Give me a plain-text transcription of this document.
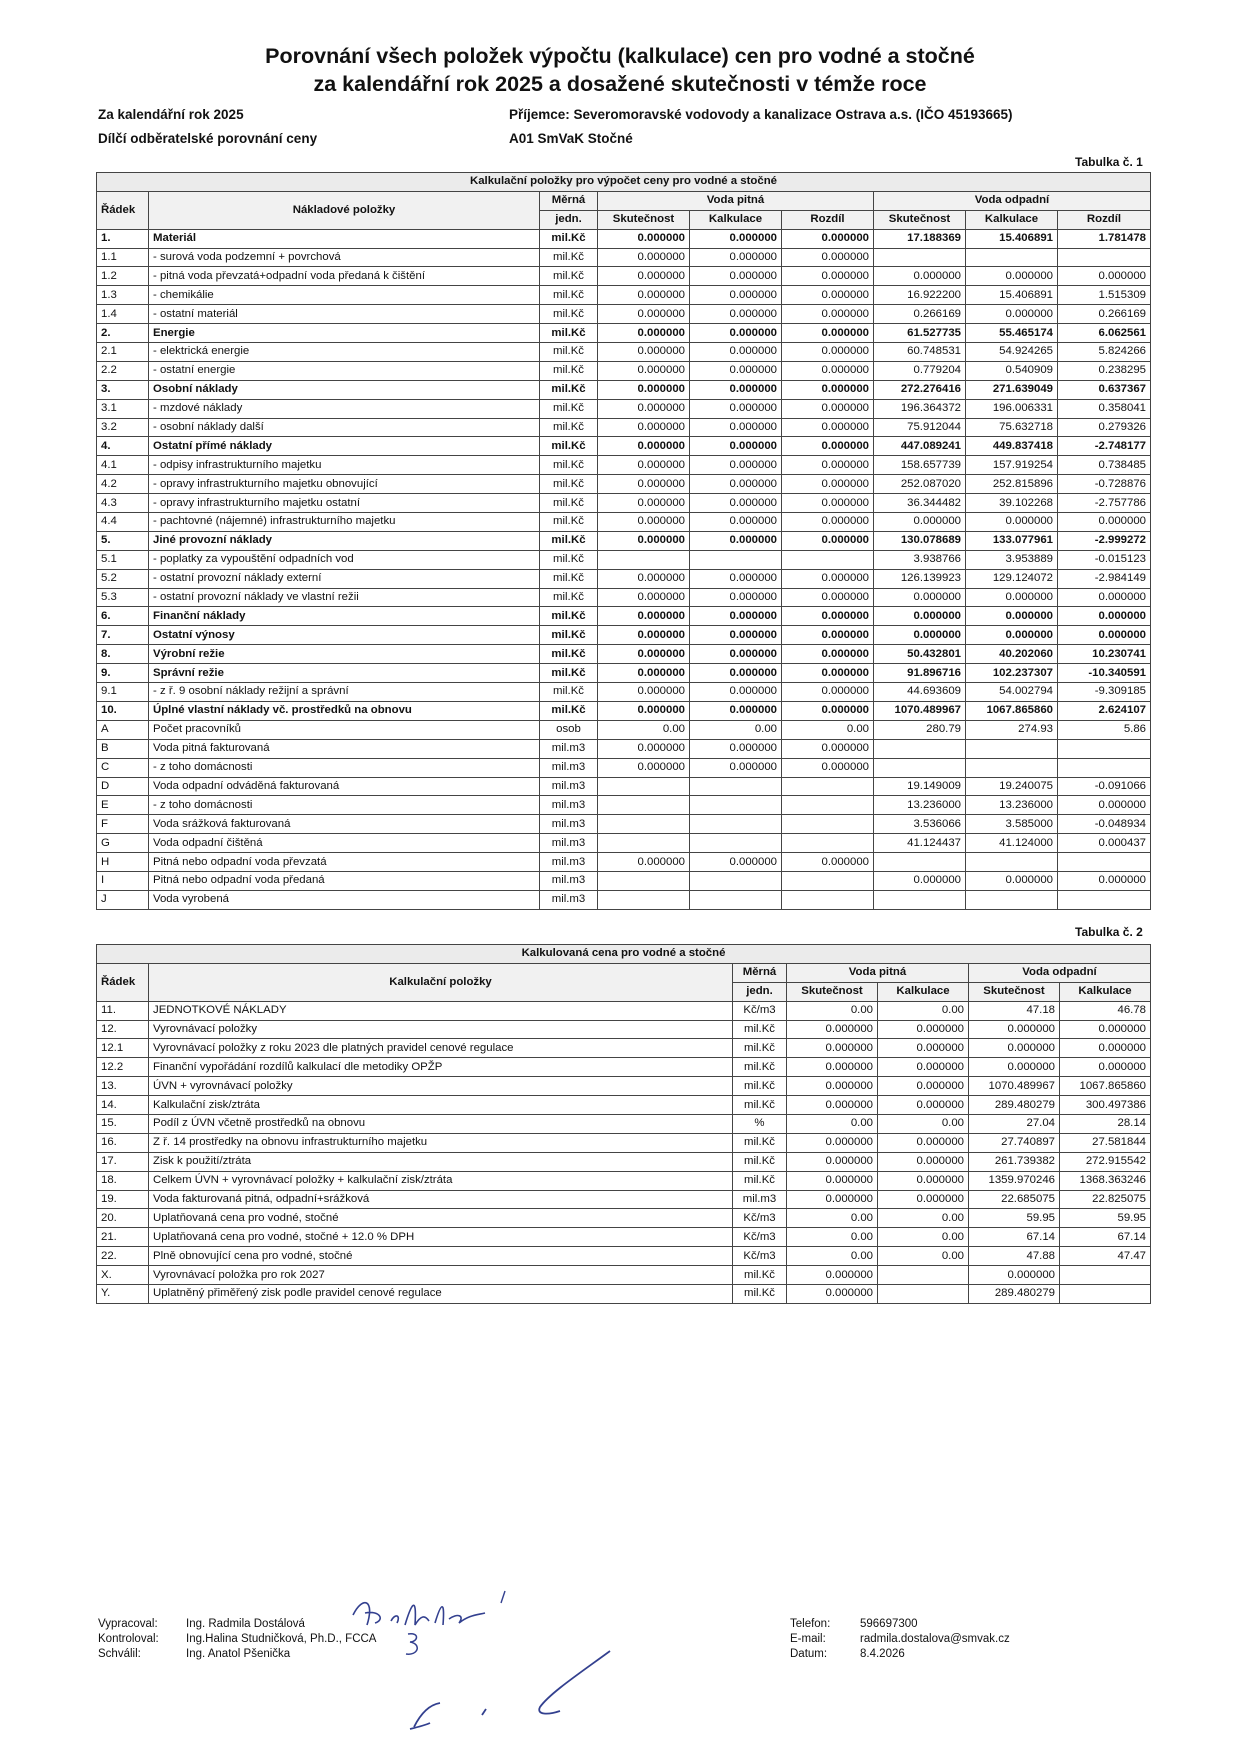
Porovnání všech položek výpočtu (kalkulace) cen pro vodné a stočné
za kalendářní rok 2025 a dosažené skutečnosti v témže roce
Za kalendářní rok 2025
Dílčí odběratelské porovnání ceny
Příjemce: Severomoravské vodovody a kanalizace Ostrava a.s. (IČO 45193665)
A01 SmVaK Stočné
Tabulka č. 1
Kalkulační položky pro výpočet ceny pro vodné a stočné								
Řádek	Nákladové položky	Měrná	Voda pitná			Voda odpadní		
		jedn.	Skutečnost	Kalkulace	Rozdíl	Skutečnost	Kalkulace	Rozdíl
1.	Materiál	mil.Kč	0.000000	0.000000	0.000000	17.188369	15.406891	1.781478
1.1	- surová voda podzemní + povrchová	mil.Kč	0.000000	0.000000	0.000000			
1.2	- pitná voda převzatá+odpadní voda předaná k čištění	mil.Kč	0.000000	0.000000	0.000000	0.000000	0.000000	0.000000
1.3	- chemikálie	mil.Kč	0.000000	0.000000	0.000000	16.922200	15.406891	1.515309
1.4	- ostatní materiál	mil.Kč	0.000000	0.000000	0.000000	0.266169	0.000000	0.266169
2.	Energie	mil.Kč	0.000000	0.000000	0.000000	61.527735	55.465174	6.062561
2.1	- elektrická energie	mil.Kč	0.000000	0.000000	0.000000	60.748531	54.924265	5.824266
2.2	- ostatní energie	mil.Kč	0.000000	0.000000	0.000000	0.779204	0.540909	0.238295
3.	Osobní náklady	mil.Kč	0.000000	0.000000	0.000000	272.276416	271.639049	0.637367
3.1	- mzdové náklady	mil.Kč	0.000000	0.000000	0.000000	196.364372	196.006331	0.358041
3.2	- osobní náklady další	mil.Kč	0.000000	0.000000	0.000000	75.912044	75.632718	0.279326
4.	Ostatní přímé náklady	mil.Kč	0.000000	0.000000	0.000000	447.089241	449.837418	-2.748177
4.1	- odpisy infrastrukturního majetku	mil.Kč	0.000000	0.000000	0.000000	158.657739	157.919254	0.738485
4.2	- opravy infrastrukturního majetku obnovující	mil.Kč	0.000000	0.000000	0.000000	252.087020	252.815896	-0.728876
4.3	- opravy infrastrukturního majetku ostatní	mil.Kč	0.000000	0.000000	0.000000	36.344482	39.102268	-2.757786
4.4	- pachtovné (nájemné) infrastrukturního majetku	mil.Kč	0.000000	0.000000	0.000000	0.000000	0.000000	0.000000
5.	Jiné provozní náklady	mil.Kč	0.000000	0.000000	0.000000	130.078689	133.077961	-2.999272
5.1	- poplatky za vypouštění odpadních vod	mil.Kč				3.938766	3.953889	-0.015123
5.2	- ostatní provozní náklady externí	mil.Kč	0.000000	0.000000	0.000000	126.139923	129.124072	-2.984149
5.3	- ostatní provozní náklady ve vlastní režii	mil.Kč	0.000000	0.000000	0.000000	0.000000	0.000000	0.000000
6.	Finanční náklady	mil.Kč	0.000000	0.000000	0.000000	0.000000	0.000000	0.000000
7.	Ostatní výnosy	mil.Kč	0.000000	0.000000	0.000000	0.000000	0.000000	0.000000
8.	Výrobní režie	mil.Kč	0.000000	0.000000	0.000000	50.432801	40.202060	10.230741
9.	Správní režie	mil.Kč	0.000000	0.000000	0.000000	91.896716	102.237307	-10.340591
9.1	- z ř. 9 osobní náklady režijní a správní	mil.Kč	0.000000	0.000000	0.000000	44.693609	54.002794	-9.309185
10.	Úplné vlastní náklady vč. prostředků na obnovu	mil.Kč	0.000000	0.000000	0.000000	1070.489967	1067.865860	2.624107
A	Počet pracovníků	osob	0.00	0.00	0.00	280.79	274.93	5.86
B	Voda pitná fakturovaná	mil.m3	0.000000	0.000000	0.000000			
C	- z toho domácnosti	mil.m3	0.000000	0.000000	0.000000			
D	Voda odpadní odváděná fakturovaná	mil.m3				19.149009	19.240075	-0.091066
E	- z toho domácnosti	mil.m3				13.236000	13.236000	0.000000
F	Voda srážková fakturovaná	mil.m3				3.536066	3.585000	-0.048934
G	Voda odpadní čištěná	mil.m3				41.124437	41.124000	0.000437
H	Pitná nebo odpadní voda převzatá	mil.m3	0.000000	0.000000	0.000000			
I	Pitná nebo odpadní voda předaná	mil.m3				0.000000	0.000000	0.000000
J	Voda vyrobená	mil.m3						
Tabulka č. 2
Kalkulovaná cena pro vodné a stočné						
Řádek	Kalkulační položky	Měrná	Voda pitná		Voda odpadní	
		jedn.	Skutečnost	Kalkulace	Skutečnost	Kalkulace
11.	JEDNOTKOVÉ NÁKLADY	Kč/m3	0.00	0.00	47.18	46.78
12.	Vyrovnávací položky	mil.Kč	0.000000	0.000000	0.000000	0.000000
12.1	Vyrovnávací položky z roku 2023 dle platných pravidel cenové regulace	mil.Kč	0.000000	0.000000	0.000000	0.000000
12.2	Finanční vypořádání rozdílů kalkulací dle metodiky OPŽP	mil.Kč	0.000000	0.000000	0.000000	0.000000
13.	ÚVN + vyrovnávací položky	mil.Kč	0.000000	0.000000	1070.489967	1067.865860
14.	Kalkulační zisk/ztráta	mil.Kč	0.000000	0.000000	289.480279	300.497386
15.	Podíl z ÚVN včetně prostředků na obnovu	%	0.00	0.00	27.04	28.14
16.	Z ř. 14 prostředky na obnovu infrastrukturního majetku	mil.Kč	0.000000	0.000000	27.740897	27.581844
17.	Zisk k použití/ztráta	mil.Kč	0.000000	0.000000	261.739382	272.915542
18.	Celkem ÚVN + vyrovnávací položky + kalkulační zisk/ztráta	mil.Kč	0.000000	0.000000	1359.970246	1368.363246
19.	Voda fakturovaná pitná, odpadní+srážková	mil.m3	0.000000	0.000000	22.685075	22.825075
20.	Uplatňovaná cena pro vodné, stočné	Kč/m3	0.00	0.00	59.95	59.95
21.	Uplatňovaná cena pro vodné, stočné + 12.0 % DPH	Kč/m3	0.00	0.00	67.14	67.14
22.	Plně obnovující cena pro vodné, stočné	Kč/m3	0.00	0.00	47.88	47.47
X.	Vyrovnávací položka pro rok 2027	mil.Kč	0.000000		0.000000	
Y.	Uplatněný přiměřený zisk podle pravidel cenové regulace	mil.Kč	0.000000		289.480279	
Vypracoval:
Kontroloval:
Schválil:
Ing. Radmila Dostálová
Ing.Halina Studničková, Ph.D., FCCA
Ing. Anatol Pšenička
Telefon:
E-mail:
Datum:
596697300
radmila.dostalova@smvak.cz
8.4.2026
